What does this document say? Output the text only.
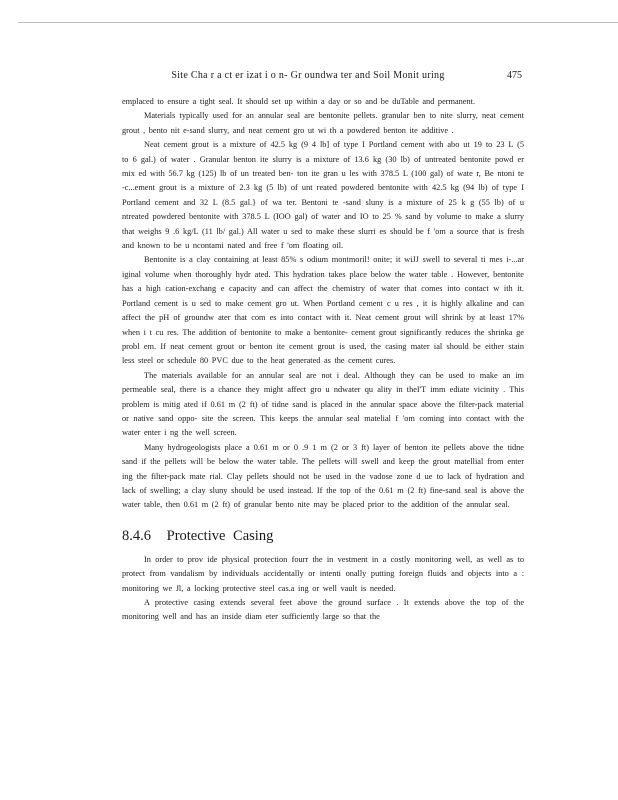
Site Cha r a ct er izat i o n- Gr oundwa ter and Soil Monit uring	475

emplaced to ensure a tight seal. It should set up within a day or so and be duTable and permanent.

Materials typically used for an annular seal are bentonite pellets. granular ben to nite slurry, neat cement grout , bento nit e-sand slurry, and neat cement gro ut wi th a powdered benton ite additive .

Neat cement grout is a mixture of 42.5 kg (9 4 lb] of type I Portland cement with abo ut 19 to 23 L (5 to 6 gal.) of water . Granular benton ite slurry is a mixture of 13.6 kg (30 lb) of untreated bentonite powd er mix ed with 56.7 kg (125) lb of un treated ben- ton ite gran u les with 378.5 L (100 gal) of wate r, Be ntoni te -c...ement grout is a mixture of 2.3 kg (5 lb) of unt reated powdered bentonite with 42.5 kg (94 lb) of type I Portland cement and 32 L (8.5 gal.} of wa ter. Bentoni te -sand sluny is a mixture of 25 k g (55 lb) of u ntreated powdered bentonite with 378.5 L (IOO gal) of water and IO to 25 % sand by volume to make a slurry that weighs 9 .6 kg/L (11 lb/ gal.) All water u sed to make these slurri es should be f 'om a source that is fresh and known to be u ncontami nated and free f 'om floating oil.

Bentonite is a clay containing at least 85% s odium montmoril! onite; it wiJJ swell to several ti mes i-...ar iginal volume when thoroughly hydr ated. This hydration takes place below the water table . However, bentonite has a high cation-exchang e capacity and can affect the chemistry of water that comes into contact w ith it. Portland cement is u sed to make cement gro ut. When Portland cement c u res , it is highly alkaline and can affect the pH of groundw ater that com es into contact with it. Neat cement grout will shrink by at least 17% when i t cu res. The addition of bentonite to make a bentonite- cement grout significantly reduces the shrinka ge probl em. If neat cement grout or benton ite cement grout is used, the casing mater ial should be either stain less steel or schedule 80 PVC due to the heat generated as the cement cures.

The materials available for an annular seal are not i deal. Although they can be used to make an im permeable seal, there is a chance they might affect gro u ndwater qu ality in theI'T imm ediate vicinity . This problem is mitig ated if 0.61 m (2 ft) of tidne sand is placed in the annular space above the filter-pack material or native sand oppo- site the screen. This keeps the annular seal matelial f 'om coming into contact with the water enter i ng the well screen.

Many hydrogeologists place a 0.61 m or 0 .9 1 m (2 or 3 ft) layer of benton ite pellets above the tidne sand if the pellets will be below the water table. The pellets will swell and keep the grout matellial from enter ing the filter-pack mate rial. Clay pellets should not be used in the vadose zone d ue to lack of hydration and lack of swelling; a clay sluny should be used instead. If the top of the 0.61 m (2 ft) fine-sand seal is above the water table, then 0.61 m (2 ft) of granular bento nite may be placed prior to the addition of the annular seal.

8.4.6 Protective Casing

In order to prov ide physical protection fourr the in vestment in a costly monitoring well, as well as to protect from vandalism by individuals accidentally or intenti onally putting foreign fluids and objects into a : monitoring we Jl, a locking protective steel cas.a ing or well vault is needed.

A protective casing extends several feet above the ground surface . It extends above the top of the monitoring well and has an inside diam eter sufficiently large so that the
